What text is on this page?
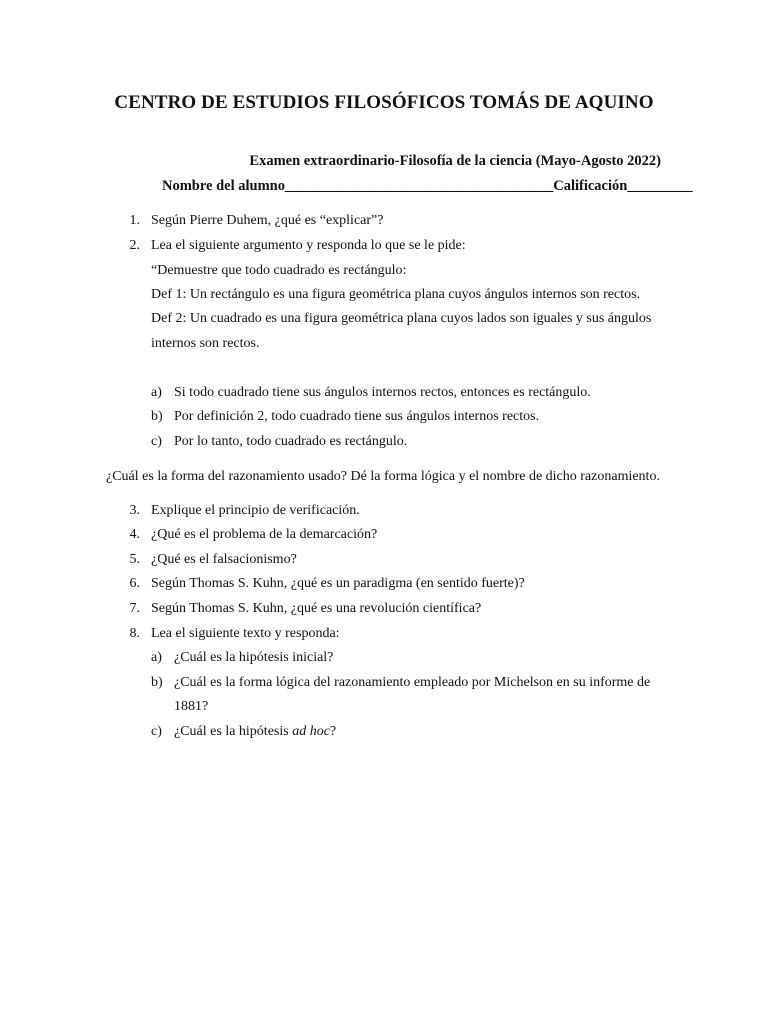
CENTRO DE ESTUDIOS FILOSÓFICOS TOMÁS DE AQUINO
Examen extraordinario-Filosofía de la ciencia (Mayo-Agosto 2022)
Nombre del alumno_____________________________________Calificación_________
1. Según Pierre Duhem, ¿qué es “explicar”?
2. Lea el siguiente argumento y responda lo que se le pide:
“Demuestre que todo cuadrado es rectángulo:
Def 1: Un rectángulo es una figura geométrica plana cuyos ángulos internos son rectos.
Def 2: Un cuadrado es una figura geométrica plana cuyos lados son iguales y sus ángulos
internos son rectos.
a) Si todo cuadrado tiene sus ángulos internos rectos, entonces es rectángulo.
b) Por definición 2, todo cuadrado tiene sus ángulos internos rectos.
c) Por lo tanto, todo cuadrado es rectángulo.
¿Cuál es la forma del razonamiento usado? Dé la forma lógica y el nombre de dicho razonamiento.
3. Explique el principio de verificación.
4. ¿Qué es el problema de la demarcación?
5. ¿Qué es el falsacionismo?
6. Según Thomas S. Kuhn, ¿qué es un paradigma (en sentido fuerte)?
7. Según Thomas S. Kuhn, ¿qué es una revolución científica?
8. Lea el siguiente texto y responda:
a) ¿Cuál es la hipótesis inicial?
b) ¿Cuál es la forma lógica del razonamiento empleado por Michelson en su informe de
1881?
c) ¿Cuál es la hipótesis ad hoc?
